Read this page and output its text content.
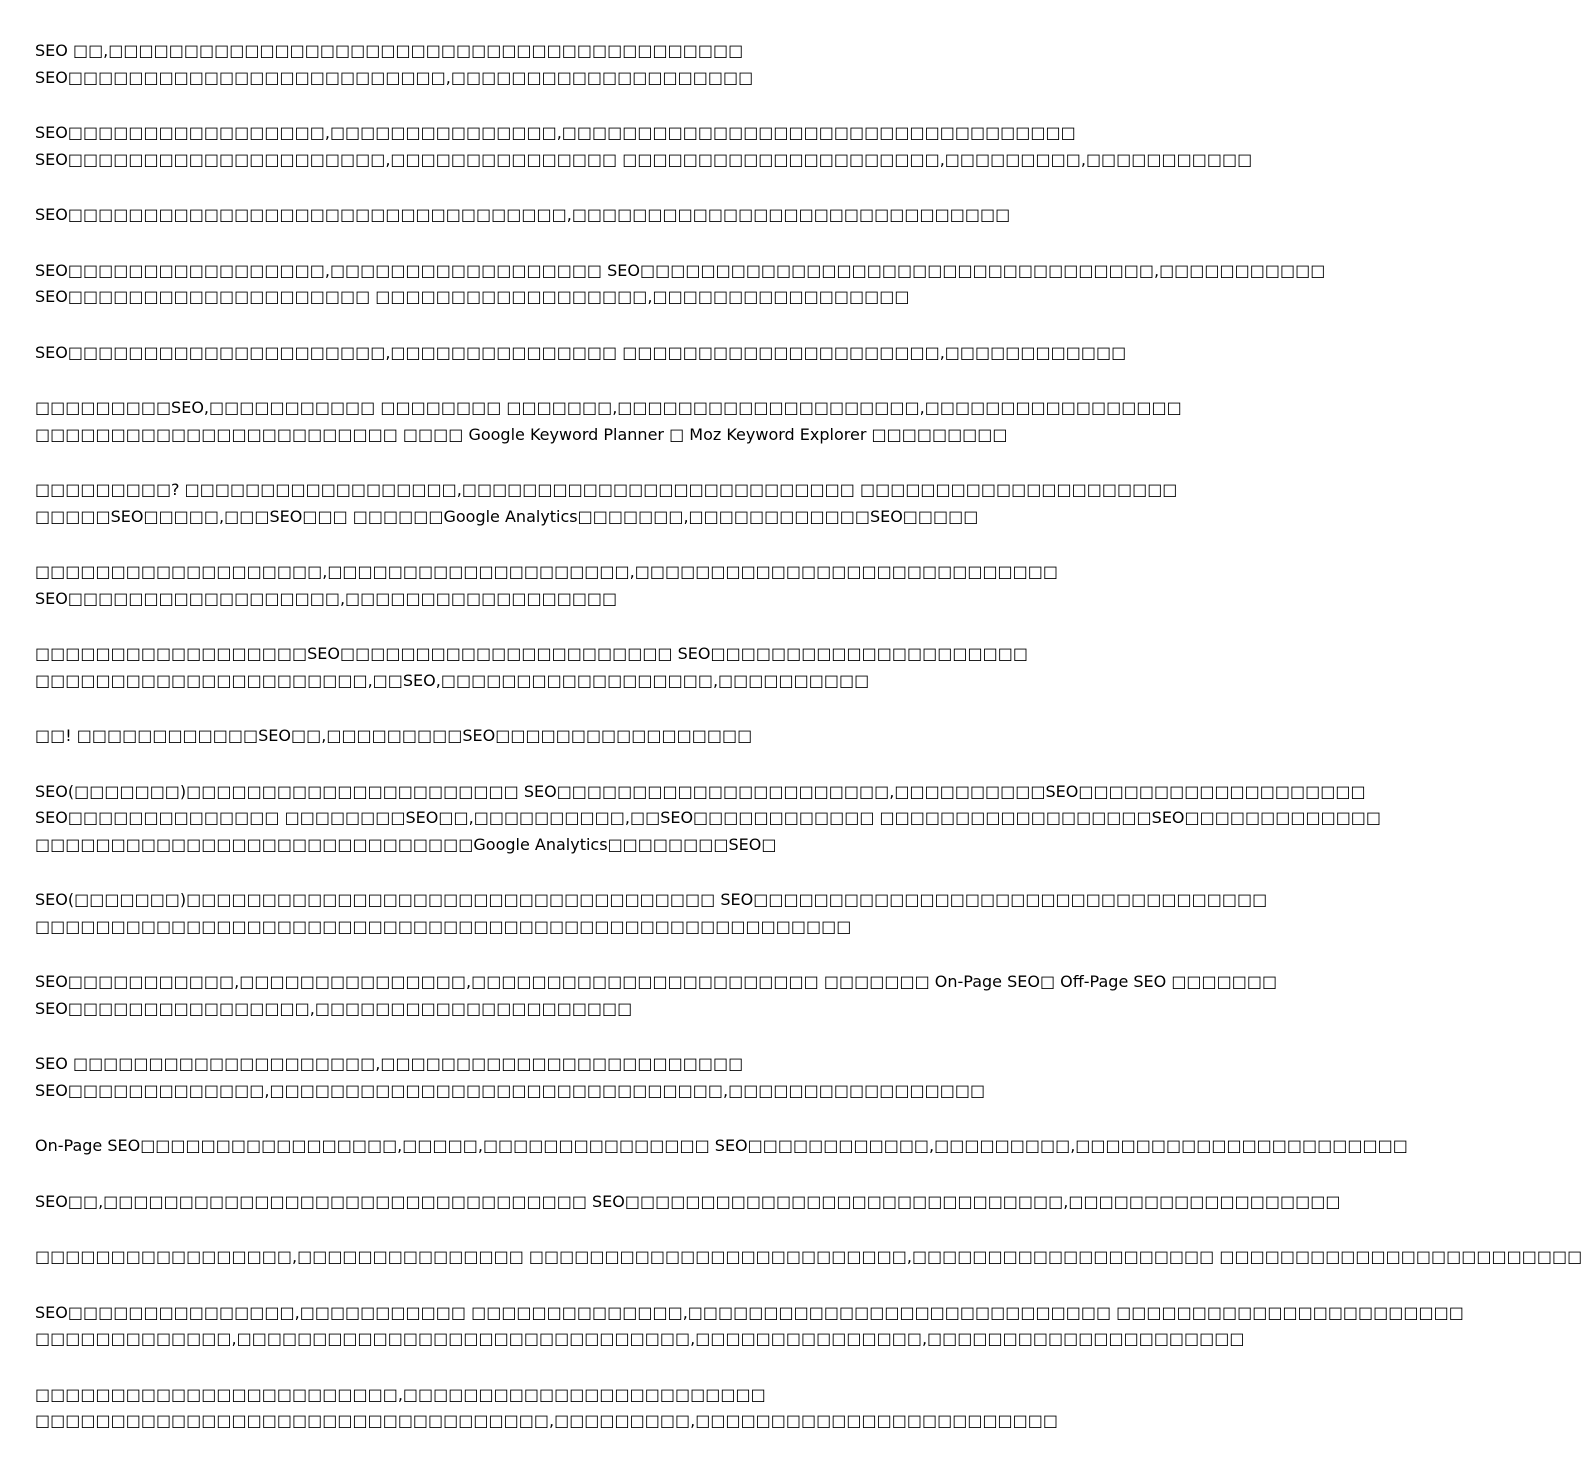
SEO □□,□□□□□□□□□□□□□□□□□□□□□□□□□□□□□□□□□□□□□□□□□□
SEO□□□□□□□□□□□□□□□□□□□□□□□□□,□□□□□□□□□□□□□□□□□□□□
SEO□□□□□□□□□□□□□□□□□,□□□□□□□□□□□□□□□,□□□□□□□□□□□□□□□□□□□□□□□□□□□□□□□□□□
SEO□□□□□□□□□□□□□□□□□□□□□,□□□□□□□□□□□□□□□ □□□□□□□□□□□□□□□□□□□□□,□□□□□□□□□,□□□□□□□□□□□
SEO□□□□□□□□□□□□□□□□□□□□□□□□□□□□□□□□□,□□□□□□□□□□□□□□□□□□□□□□□□□□□□□
SEO□□□□□□□□□□□□□□□□□,□□□□□□□□□□□□□□□□□□ SEO□□□□□□□□□□□□□□□□□□□□□□□□□□□□□□□□□□,□□□□□□□□□□□
SEO□□□□□□□□□□□□□□□□□□□□ □□□□□□□□□□□□□□□□□□,□□□□□□□□□□□□□□□□□
SEO□□□□□□□□□□□□□□□□□□□□□,□□□□□□□□□□□□□□□ □□□□□□□□□□□□□□□□□□□□□,□□□□□□□□□□□□
□□□□□□□□□SEO,□□□□□□□□□□□ □□□□□□□□ □□□□□□□,□□□□□□□□□□□□□□□□□□□□,□□□□□□□□□□□□□□□□□
□□□□□□□□□□□□□□□□□□□□□□□□ □□□□ Google Keyword Planner □ Moz Keyword Explorer □□□□□□□□□
□□□□□□□□□? □□□□□□□□□□□□□□□□□□,□□□□□□□□□□□□□□□□□□□□□□□□□□ □□□□□□□□□□□□□□□□□□□□□
□□□□□SEO□□□□□,□□□SEO□□□ □□□□□□Google Analytics□□□□□□□,□□□□□□□□□□□□SEO□□□□□
□□□□□□□□□□□□□□□□□□□,□□□□□□□□□□□□□□□□□□□□,□□□□□□□□□□□□□□□□□□□□□□□□□□□□
SEO□□□□□□□□□□□□□□□□□□,□□□□□□□□□□□□□□□□□□
□□□□□□□□□□□□□□□□□□SEO□□□□□□□□□□□□□□□□□□□□□□ SEO□□□□□□□□□□□□□□□□□□□□□
□□□□□□□□□□□□□□□□□□□□□□,□□SEO,□□□□□□□□□□□□□□□□□□,□□□□□□□□□□
□□! □□□□□□□□□□□□SEO□□,□□□□□□□□□SEO□□□□□□□□□□□□□□□□□
SEO(□□□□□□□)□□□□□□□□□□□□□□□□□□□□□□ SEO□□□□□□□□□□□□□□□□□□□□□□,□□□□□□□□□□SEO□□□□□□□□□□□□□□□□□□□
SEO□□□□□□□□□□□□□□ □□□□□□□□SEO□□,□□□□□□□□□□,□□SEO□□□□□□□□□□□□ □□□□□□□□□□□□□□□□□□SEO□□□□□□□□□□□□□
□□□□□□□□□□□□□□□□□□□□□□□□□□□□□Google Analytics□□□□□□□□SEO□
SEO(□□□□□□□)□□□□□□□□□□□□□□□□□□□□□□□□□□□□□□□□□□□ SEO□□□□□□□□□□□□□□□□□□□□□□□□□□□□□□□□□□
□□□□□□□□□□□□□□□□□□□□□□□□□□□□□□□□□□□□□□□□□□□□□□□□□□□□□□
SEO□□□□□□□□□□□,□□□□□□□□□□□□□□□,□□□□□□□□□□□□□□□□□□□□□□□ □□□□□□□ On-Page SEO□ Off-Page SEO □□□□□□□
SEO□□□□□□□□□□□□□□□□,□□□□□□□□□□□□□□□□□□□□□
SEO □□□□□□□□□□□□□□□□□□□□,□□□□□□□□□□□□□□□□□□□□□□□□
SEO□□□□□□□□□□□□□,□□□□□□□□□□□□□□□□□□□□□□□□□□□□□□,□□□□□□□□□□□□□□□□□
On-Page SEO□□□□□□□□□□□□□□□□□,□□□□□,□□□□□□□□□□□□□□□ SEO□□□□□□□□□□□□,□□□□□□□□□,□□□□□□□□□□□□□□□□□□□□□□
SEO□□,□□□□□□□□□□□□□□□□□□□□□□□□□□□□□□□□ SEO□□□□□□□□□□□□□□□□□□□□□□□□□□□□□,□□□□□□□□□□□□□□□□□□
□□□□□□□□□□□□□□□□□,□□□□□□□□□□□□□□□ □□□□□□□□□□□□□□□□□□□□□□□□□,□□□□□□□□□□□□□□□□□□□□ □□□□□□□□□□□□□□□□□□□□□□□□
SEO□□□□□□□□□□□□□□□,□□□□□□□□□□□ □□□□□□□□□□□□□□,□□□□□□□□□□□□□□□□□□□□□□□□□□□□ □□□□□□□□□□□□□□□□□□□□□□□
□□□□□□□□□□□□□,□□□□□□□□□□□□□□□□□□□□□□□□□□□□□□,□□□□□□□□□□□□□□□,□□□□□□□□□□□□□□□□□□□□□
□□□□□□□□□□□□□□□□□□□□□□□□,□□□□□□□□□□□□□□□□□□□□□□□□
□□□□□□□□□□□□□□□□□□□□□□□□□□□□□□□□□□,□□□□□□□□□,□□□□□□□□□□□□□□□□□□□□□□□□
